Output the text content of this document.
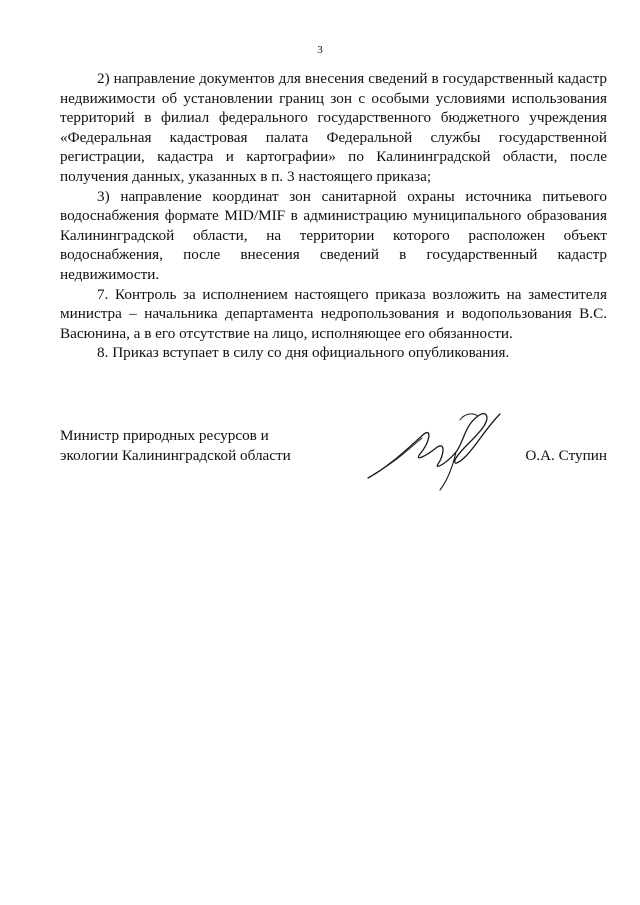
3

2) направление документов для внесения сведений в государственный кадастр недвижимости об установлении границ зон с особыми условиями использования территорий в филиал федерального государственного бюджетного учреждения «Федеральная кадастровая палата Федеральной службы государственной регистрации, кадастра и картографии» по Калининградской области, после получения данных, указанных в п. 3 настоящего приказа;

3) направление координат зон санитарной охраны источника питьевого водоснабжения формате MID/MIF в администрацию муниципального образования Калининградской области, на территории которого расположен объект водоснабжения, после внесения сведений в государственный кадастр недвижимости.

7. Контроль за исполнением настоящего приказа возложить на заместителя министра – начальника департамента недропользования и водопользования В.С. Васюнина, а в его отсутствие на лицо, исполняющее его обязанности.

8. Приказ вступает в силу со дня официального опубликования.

Министр природных ресурсов и
экологии Калининградской области	О.А. Ступин
